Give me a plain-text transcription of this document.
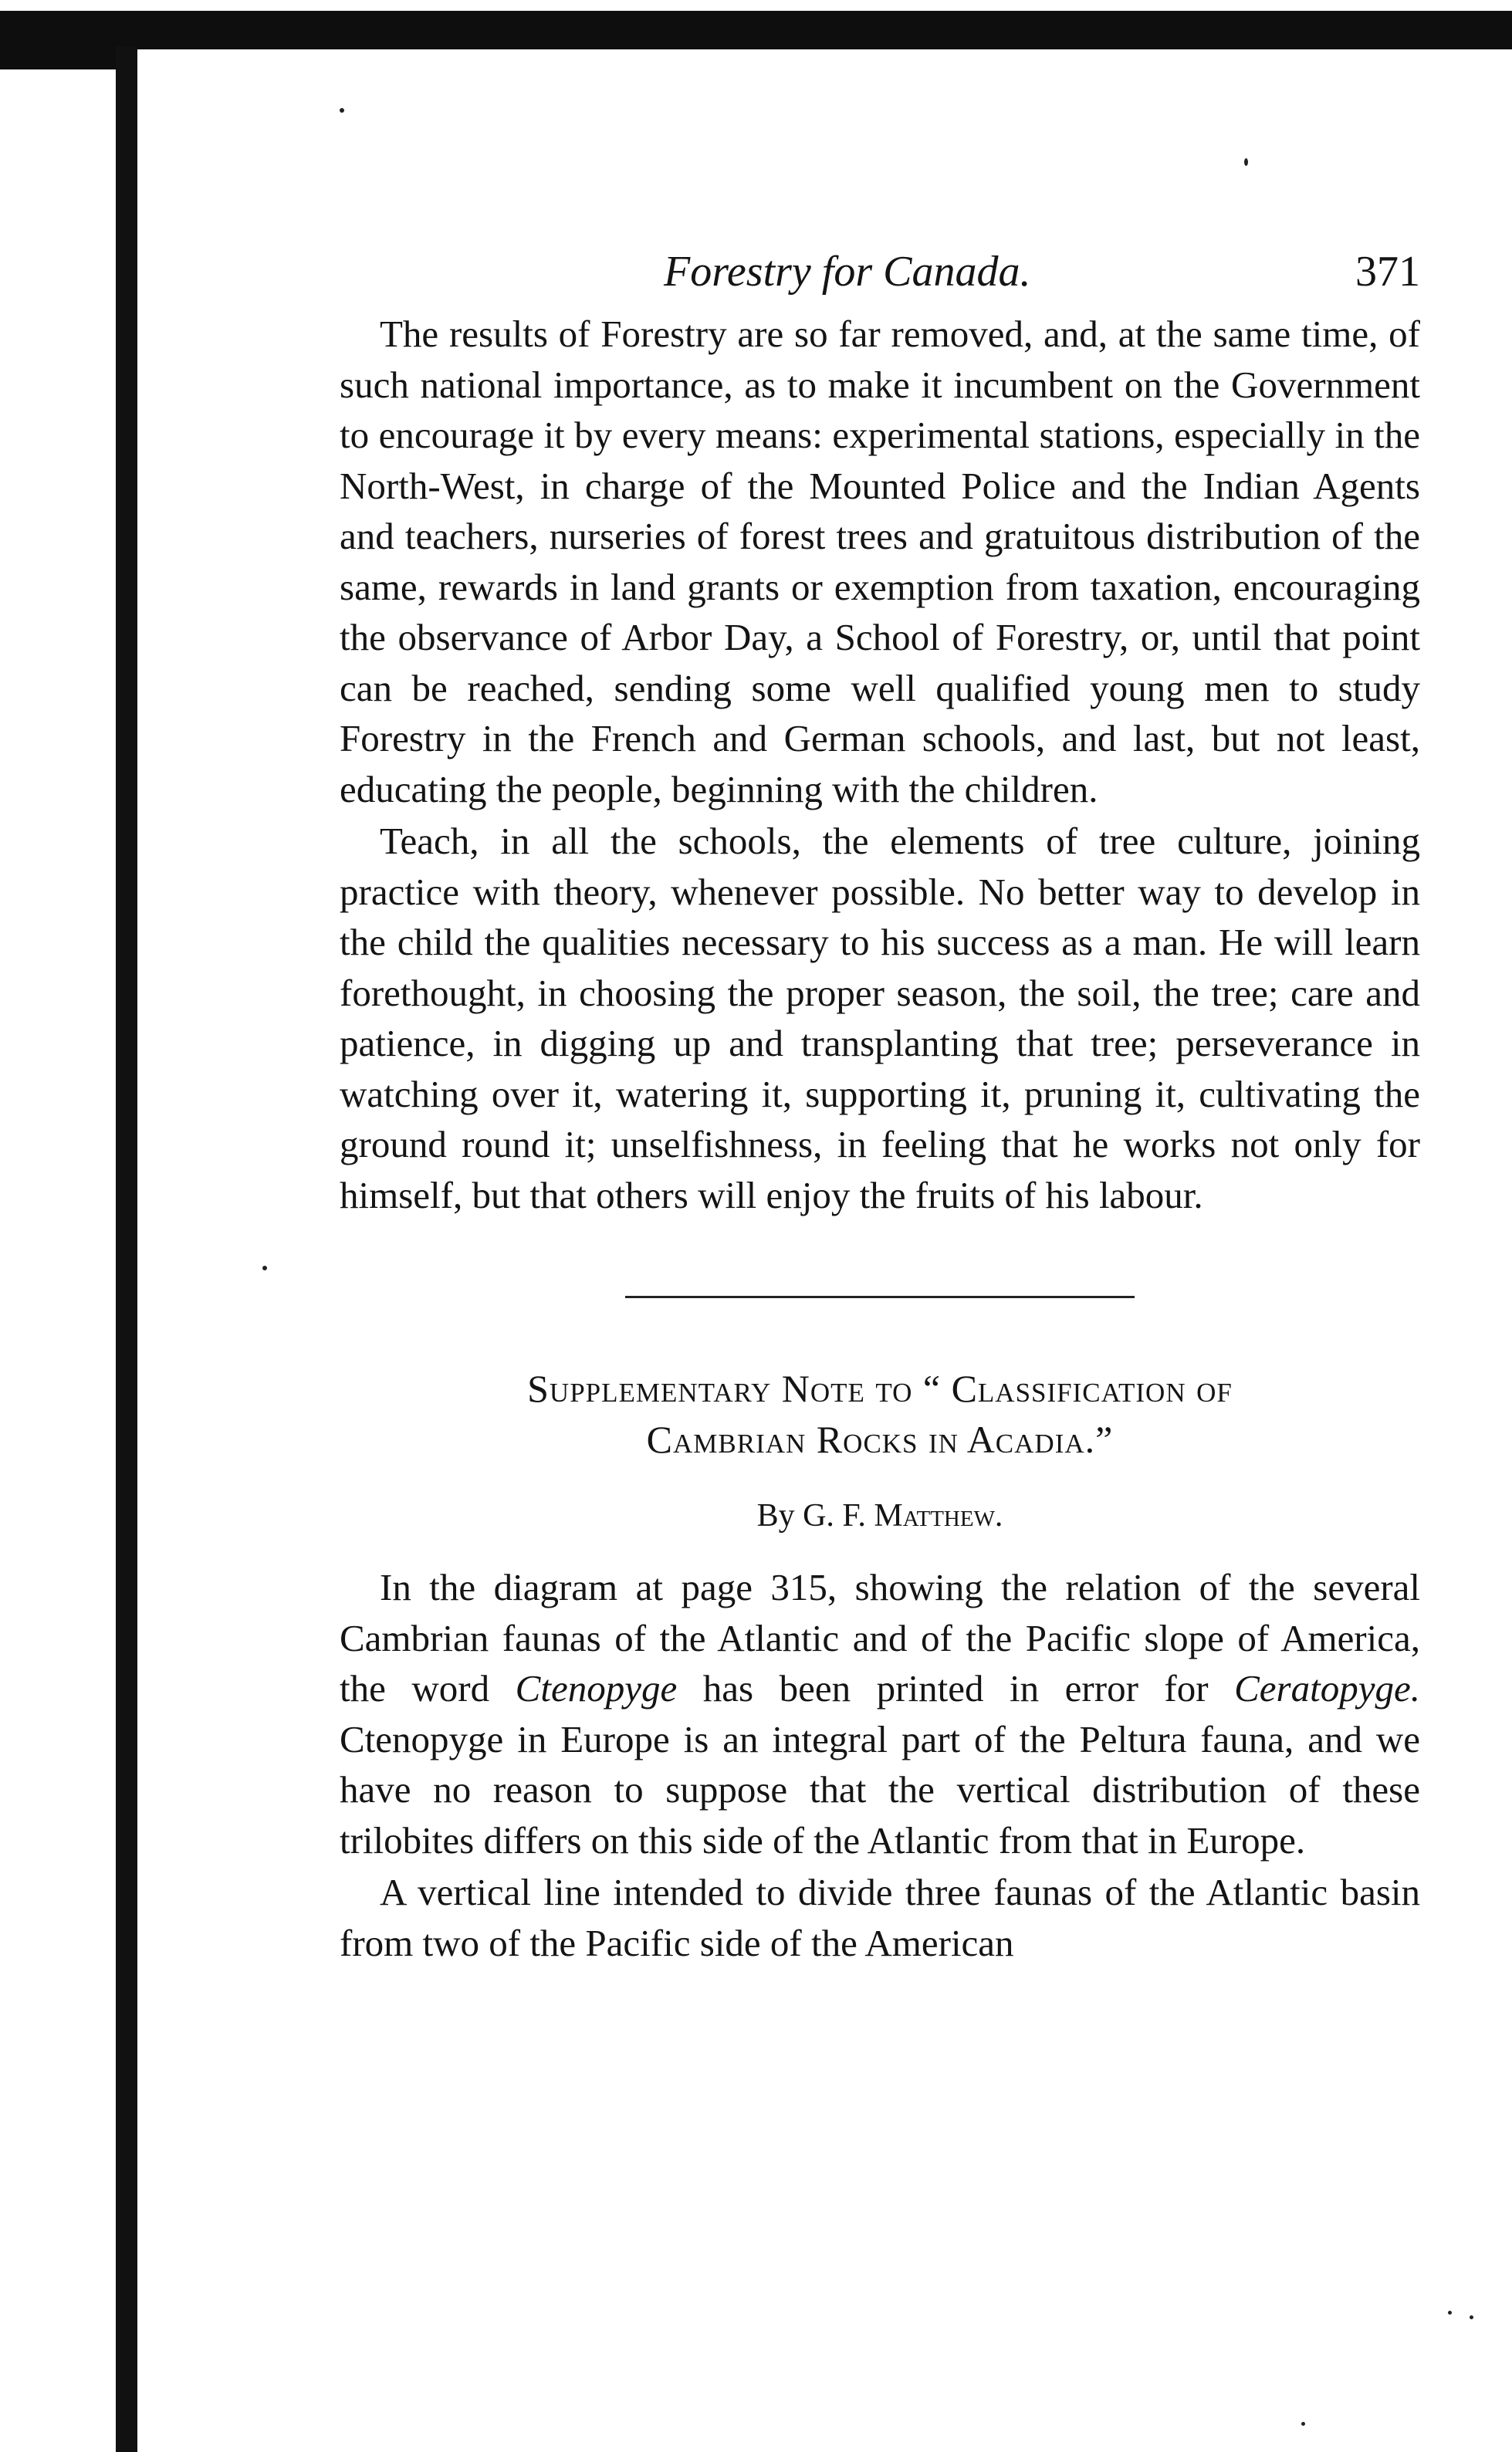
Forestry for Canada.	371

The results of Forestry are so far removed, and, at the same time, of such national importance, as to make it incumbent on the Government to encourage it by every means: experimental stations, especially in the North-West, in charge of the Mounted Police and the Indian Agents and teachers, nurseries of forest trees and gratuitous distribution of the same, rewards in land grants or exemption from taxation, encouraging the observance of Arbor Day, a School of Forestry, or, until that point can be reached, sending some well qualified young men to study Forestry in the French and German schools, and last, but not least, educating the people, beginning with the children.

Teach, in all the schools, the elements of tree culture, joining practice with theory, whenever possible. No better way to develop in the child the qualities necessary to his success as a man. He will learn forethought, in choosing the proper season, the soil, the tree; care and patience, in digging up and transplanting that tree; perseverance in watching over it, watering it, supporting it, pruning it, cultivating the ground round it; unselfishness, in feeling that he works not only for himself, but that others will enjoy the fruits of his labour.

Supplementary Note to “ Classification of
Cambrian Rocks in Acadia.”
By G. F. Matthew.

In the diagram at page 315, showing the relation of the several Cambrian faunas of the Atlantic and of the Pacific slope of America, the word Ctenopyge has been printed in error for Ceratopyge. Ctenopyge in Europe is an integral part of the Peltura fauna, and we have no reason to suppose that the vertical distribution of these trilobites differs on this side of the Atlantic from that in Europe.

A vertical line intended to divide three faunas of the Atlantic basin from two of the Pacific side of the American
